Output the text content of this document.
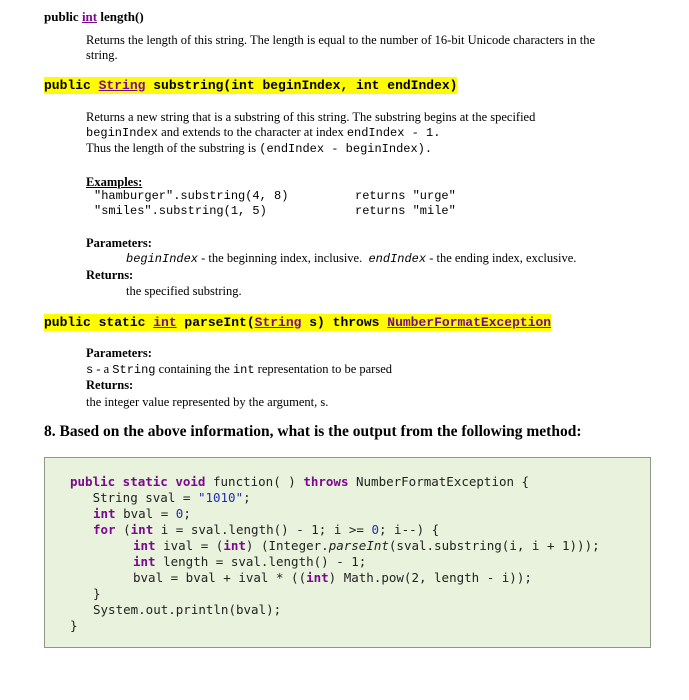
public int length()
Returns the length of this string. The length is equal to the number of 16-bit Unicode characters in the
string.
public String substring(int beginIndex, int endIndex)
Returns a new string that is a substring of this string. The substring begins at the specified
beginIndex and extends to the character at index endIndex - 1.
Thus the length of the substring is (endIndex - beginIndex).
Examples:
"hamburger".substring(4, 8)	returns "urge"
"smiles".substring(1, 5)	returns "mile"
Parameters:
beginIndex - the beginning index, inclusive. endIndex - the ending index, exclusive.
Returns:
the specified substring.
public static int parseInt(String s) throws NumberFormatException
Parameters:
s - a String containing the int representation to be parsed
Returns:
the integer value represented by the argument, s.
8. Based on the above information, what is the output from the following method:
public static void function( ) throws NumberFormatException {
String sval = "1010";
int bval = 0;
for (int i = sval.length() - 1; i >= 0; i--) {
int ival = (int) (Integer.parseInt(sval.substring(i, i + 1)));
int length = sval.length() - 1;
bval = bval + ival * ((int) Math.pow(2, length - i));
}
System.out.println(bval);
}
